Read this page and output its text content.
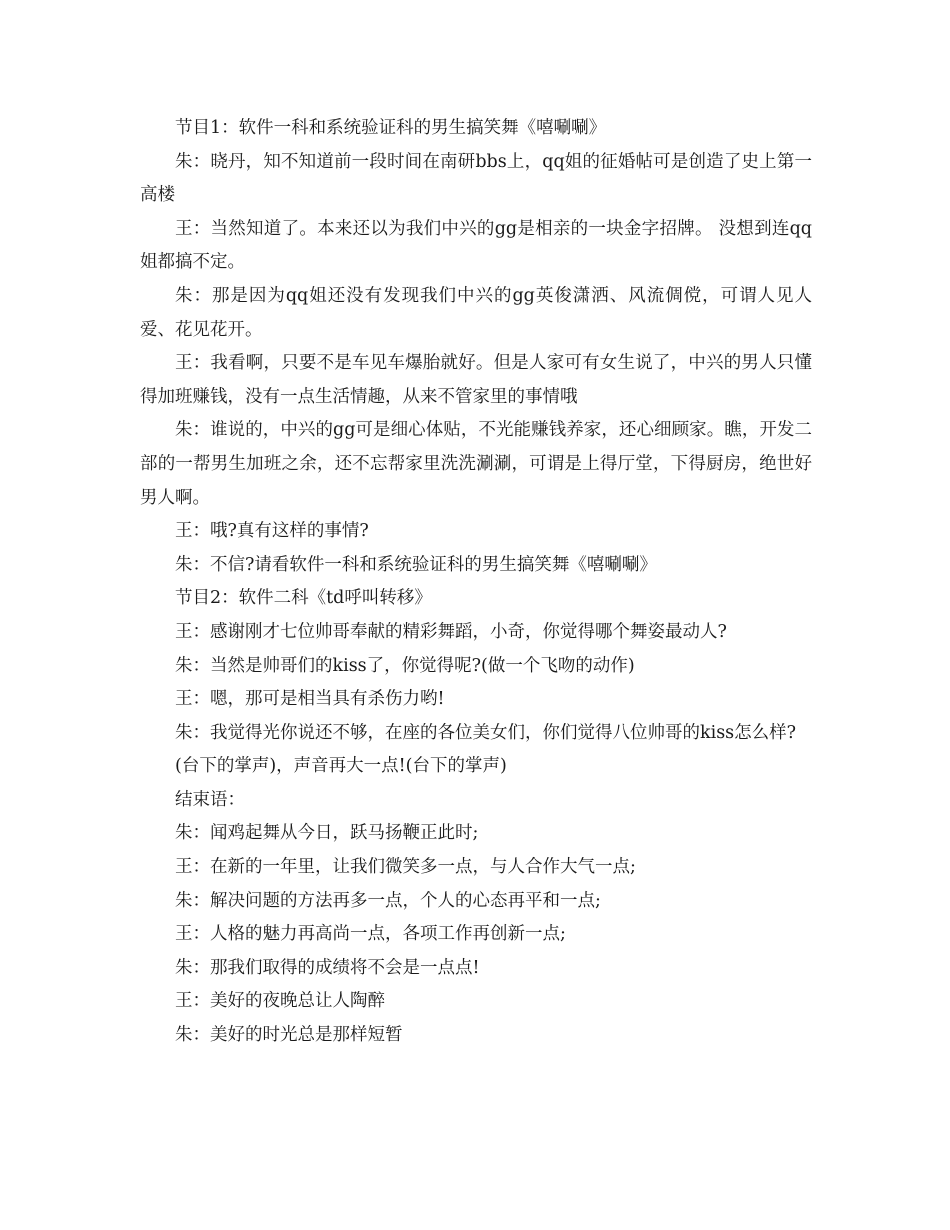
节目1：软件一科和系统验证科的男生搞笑舞《嘻唰唰》

朱：晓丹，知不知道前一段时间在南研bbs上，qq姐的征婚帖可是创造了史上第一高楼

王：当然知道了。本来还以为我们中兴的gg是相亲的一块金字招牌。 没想到连qq姐都搞不定。

朱：那是因为qq姐还没有发现我们中兴的gg英俊潇洒、风流倜傥，可谓人见人爱、花见花开。

王：我看啊，只要不是车见车爆胎就好。但是人家可有女生说了，中兴的男人只懂得加班赚钱，没有一点生活情趣，从来不管家里的事情哦

朱：谁说的，中兴的gg可是细心体贴，不光能赚钱养家，还心细顾家。瞧，开发二部的一帮男生加班之余，还不忘帮家里洗洗涮涮，可谓是上得厅堂，下得厨房，绝世好男人啊。

王：哦?真有这样的事情?

朱：不信?请看软件一科和系统验证科的男生搞笑舞《嘻唰唰》

节目2：软件二科《td呼叫转移》

王：感谢刚才七位帅哥奉献的精彩舞蹈，小奇，你觉得哪个舞姿最动人?

朱：当然是帅哥们的kiss了，你觉得呢?(做一个飞吻的动作)

王：嗯，那可是相当具有杀伤力哟!

朱：我觉得光你说还不够，在座的各位美女们，你们觉得八位帅哥的kiss怎么样?

(台下的掌声)，声音再大一点!(台下的掌声)

结束语：

朱：闻鸡起舞从今日，跃马扬鞭正此时;

王：在新的一年里，让我们微笑多一点，与人合作大气一点;

朱：解决问题的方法再多一点，个人的心态再平和一点;

王：人格的魅力再高尚一点，各项工作再创新一点;

朱：那我们取得的成绩将不会是一点点!

王：美好的夜晚总让人陶醉

朱：美好的时光总是那样短暂
